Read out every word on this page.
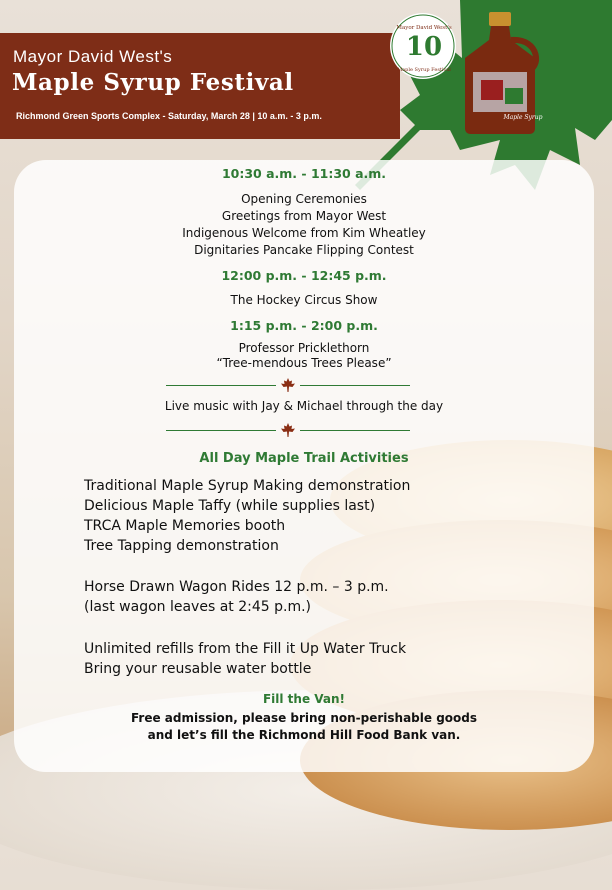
Mayor David West's
Maple Syrup Festival
Richmond Green Sports Complex - Saturday, March 28 | 10 a.m. - 3 p.m.
Mayor David West's
10
Maple Syrup Festival
Maple Syrup
10:30 a.m. - 11:30 a.m.
Opening Ceremonies
Greetings from Mayor West
Indigenous Welcome from Kim Wheatley
Dignitaries Pancake Flipping Contest
12:00 p.m. - 12:45 p.m.
The Hockey Circus Show
1:15 p.m. - 2:00 p.m.
Professor Pricklethorn
“Tree-mendous Trees Please”
Live music with Jay & Michael through the day
All Day Maple Trail Activities
Traditional Maple Syrup Making demonstration
Delicious Maple Taffy (while supplies last)
TRCA Maple Memories booth
Tree Tapping demonstration
Horse Drawn Wagon Rides 12 p.m. – 3 p.m.
(last wagon leaves at 2:45 p.m.)
Unlimited refills from the Fill it Up Water Truck
Bring your reusable water bottle
Fill the Van!
Free admission, please bring non-perishable goods
and let’s fill the Richmond Hill Food Bank van.
